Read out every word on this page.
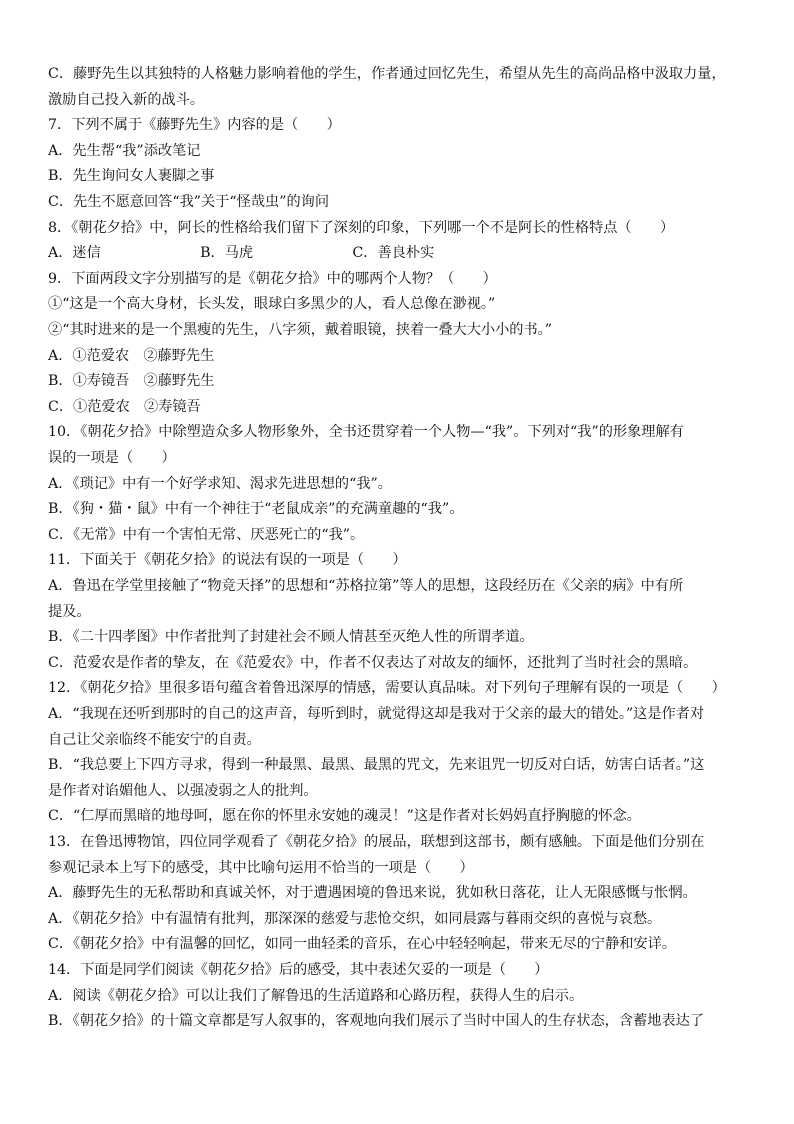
C．藤野先生以其独特的人格魅力影响着他的学生，作者通过回忆先生，希望从先生的高尚品格中汲取力量，
激励自己投入新的战斗。
7．下列不属于《藤野先生》内容的是（　　）
A．先生帮“我”添改笔记
B．先生询问女人裹脚之事
C．先生不愿意回答“我”关于“怪哉虫”的询问
8．《朝花夕拾》中，阿长的性格给我们留下了深刻的印象，下列哪一个不是阿长的性格特点（　　）
A．迷信　　　　　　　B．马虎　　　　　　　C．善良朴实
9．下面两段文字分别描写的是《朝花夕拾》中的哪两个人物？（　　）
①“这是一个高大身材，长头发，眼球白多黑少的人，看人总像在渺视。”
②“其时进来的是一个黑瘦的先生，八字须，戴着眼镜，挟着一叠大大小小的书。”
A．①范爱农　②藤野先生
B．①寿镜吾　②藤野先生
C．①范爱农　②寿镜吾
10．《朝花夕拾》中除塑造众多人物形象外，全书还贯穿着一个人物—“我”。下列对“我”的形象理解有
误的一项是（　　）
A．《琐记》中有一个好学求知、渴求先进思想的“我”。
B．《狗・猫・鼠》中有一个神往于“老鼠成亲”的充满童趣的“我”。
C．《无常》中有一个害怕无常、厌恶死亡的“我”。
11．下面关于《朝花夕拾》的说法有误的一项是（　　）
A．鲁迅在学堂里接触了“物竞天择”的思想和“苏格拉第”等人的思想，这段经历在《父亲的病》中有所
提及。
B．《二十四孝图》中作者批判了封建社会不顾人情甚至灭绝人性的所谓孝道。
C．范爱农是作者的挚友，在《范爱农》中，作者不仅表达了对故友的缅怀，还批判了当时社会的黑暗。
12．《朝花夕拾》里很多语句蕴含着鲁迅深厚的情感，需要认真品味。对下列句子理解有误的一项是（　　）
A．“我现在还听到那时的自己的这声音，每听到时，就觉得这却是我对于父亲的最大的错处。”这是作者对
自己让父亲临终不能安宁的自责。
B．“我总要上下四方寻求，得到一种最黑、最黑、最黑的咒文，先来诅咒一切反对白话，妨害白话者。”这
是作者对谄媚他人、以强凌弱之人的批判。
C．“仁厚而黑暗的地母呵，愿在你的怀里永安她的魂灵！”这是作者对长妈妈直抒胸臆的怀念。
13．在鲁迅博物馆，四位同学观看了《朝花夕拾》的展品，联想到这部书，颇有感触。下面是他们分别在
参观记录本上写下的感受，其中比喻句运用不恰当的一项是（　　）
A．藤野先生的无私帮助和真诚关怀，对于遭遇困境的鲁迅来说，犹如秋日落花，让人无限感慨与怅惘。
A．《朝花夕拾》中有温情有批判，那深深的慈爱与悲怆交织，如同晨露与暮雨交织的喜悦与哀愁。
C．《朝花夕拾》中有温馨的回忆，如同一曲轻柔的音乐，在心中轻轻响起，带来无尽的宁静和安详。
14．下面是同学们阅读《朝花夕拾》后的感受，其中表述欠妥的一项是（　　）
A．阅读《朝花夕拾》可以让我们了解鲁迅的生活道路和心路历程，获得人生的启示。
B．《朝花夕拾》的十篇文章都是写人叙事的，客观地向我们展示了当时中国人的生存状态，含蓄地表达了
